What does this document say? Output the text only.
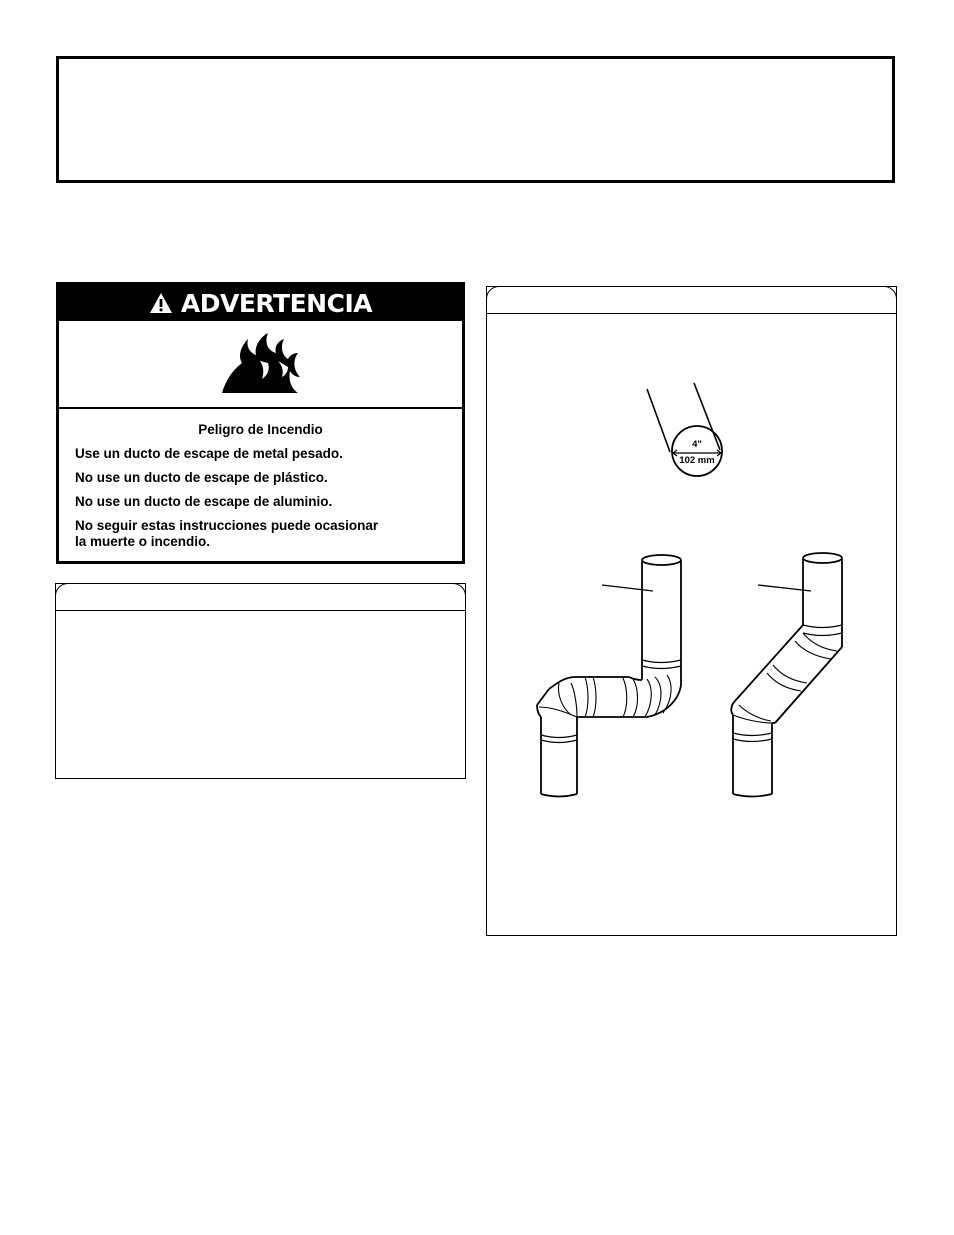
ADVERTENCIA
Peligro de Incendio
Use un ducto de escape de metal pesado.
No use un ducto de escape de plástico.
No use un ducto de escape de aluminio.
No seguir estas instrucciones puede ocasionar
la muerte o incendio.
4"
102 mm
